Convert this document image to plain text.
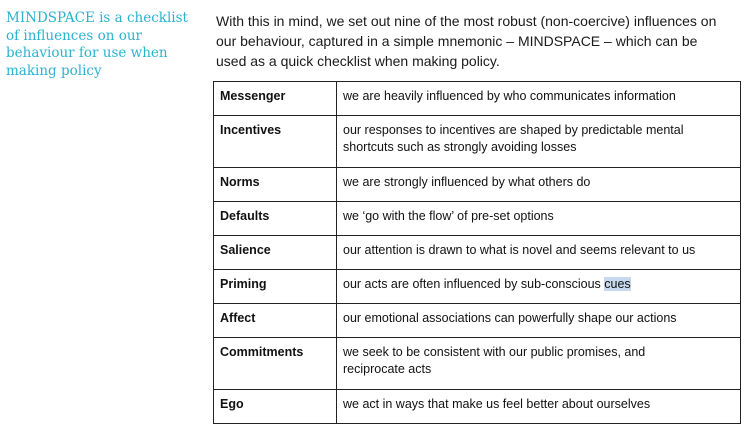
MINDSPACE is a checklist
of influences on our
behaviour for use when
making policy
With this in mind, we set out nine of the most robust (non-coercive) influences on
our behaviour, captured in a simple mnemonic – MINDSPACE – which can be
used as a quick checklist when making policy.
Messenger	we are heavily influenced by who communicates information

Incentives	our responses to incentives are shaped by predictable mental
shortcuts such as strongly avoiding losses

Norms	we are strongly influenced by what others do

Defaults	we ‘go with the flow’ of pre-set options

Salience	our attention is drawn to what is novel and seems relevant to us

Priming	our acts are often influenced by sub-conscious cues

Affect	our emotional associations can powerfully shape our actions

Commitments	we seek to be consistent with our public promises, and
reciprocate acts

Ego	we act in ways that make us feel better about ourselves
